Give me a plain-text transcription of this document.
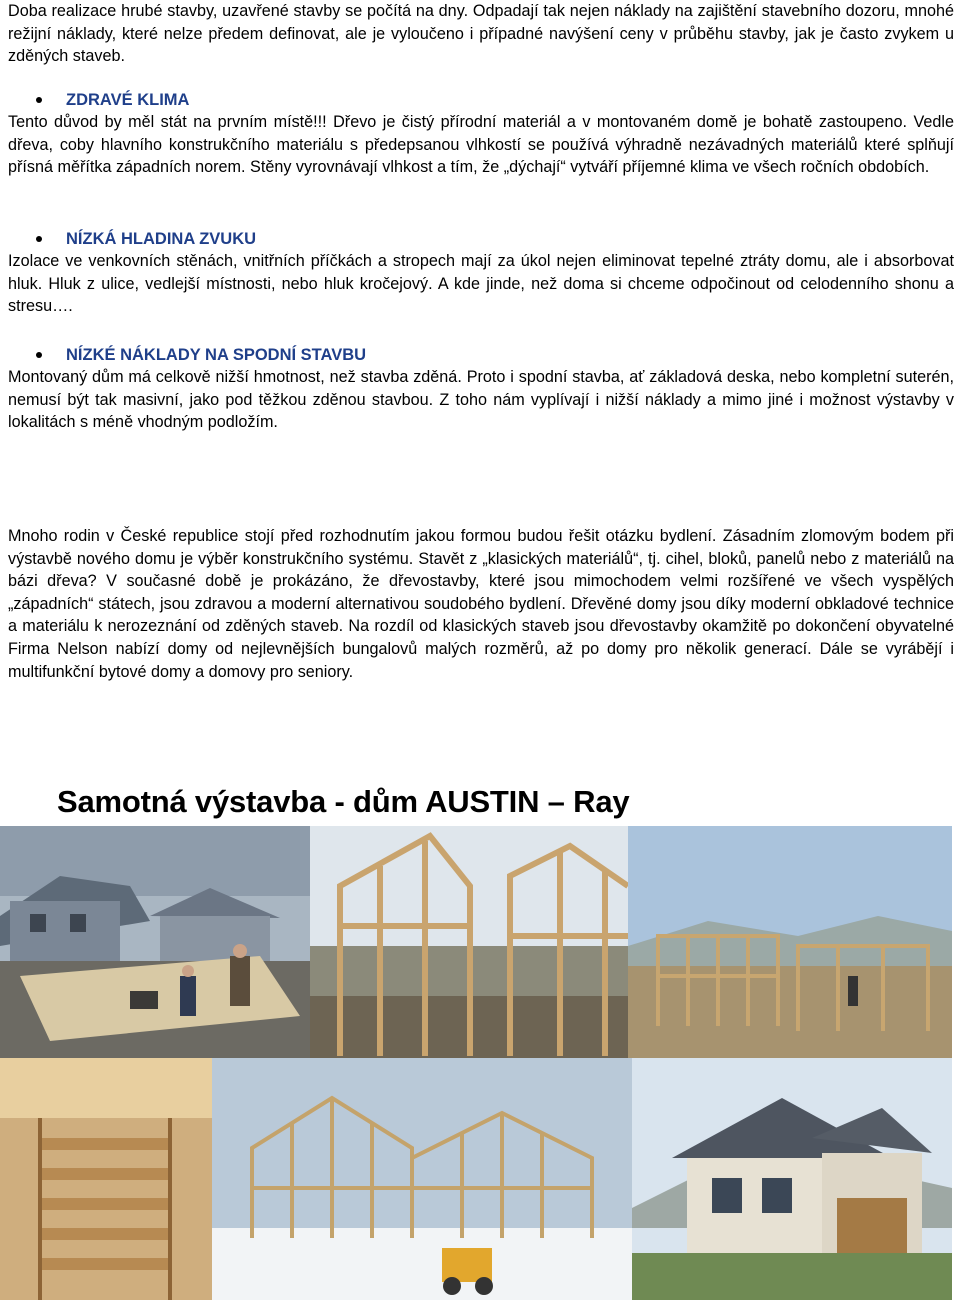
Doba realizace hrubé stavby, uzavřené stavby se počítá na dny. Odpadají tak nejen náklady na zajištění stavebního dozoru, mnohé režijní náklady, které nelze předem definovat, ale je vyloučeno i případné navýšení ceny v průběhu stavby, jak je často zvykem u zděných staveb.

ZDRAVÉ KLIMA

Tento důvod by měl stát na prvním místě!!! Dřevo je čistý přírodní materiál a v montovaném domě je bohatě zastoupeno. Vedle dřeva, coby hlavního konstrukčního materiálu s předepsanou vlhkostí se používá výhradně nezávadných materiálů které splňují přísná měřítka západních norem. Stěny vyrovnávají vlhkost a tím, že „dýchají“ vytváří příjemné klima ve všech ročních obdobích.

NÍZKÁ HLADINA ZVUKU

Izolace ve venkovních stěnách, vnitřních příčkách a stropech mají za úkol nejen eliminovat tepelné ztráty domu, ale i absorbovat hluk. Hluk z ulice, vedlejší místnosti, nebo hluk kročejový. A kde jinde, než doma si chceme odpočinout od celodenního shonu a stresu….

NÍZKÉ NÁKLADY NA SPODNÍ STAVBU

Montovaný dům má celkově nižší hmotnost, než stavba zděná. Proto i spodní stavba, ať základová deska, nebo kompletní suterén, nemusí být tak masivní, jako pod těžkou zděnou stavbou. Z toho nám vyplívají i nižší náklady a mimo jiné i možnost výstavby v lokalitách s méně vhodným podložím.

Mnoho rodin v České republice stojí před rozhodnutím jakou formou budou řešit otázku bydlení. Zásadním zlomovým bodem při výstavbě nového domu je výběr konstrukčního systému. Stavět z „klasických materiálů“, tj. cihel, bloků, panelů nebo z materiálů na bázi dřeva? V současné době je prokázáno, že dřevostavby, které jsou mimochodem velmi rozšířené ve všech vyspělých „západních“ státech, jsou zdravou a moderní alternativou soudobého bydlení. Dřevěné domy jsou díky moderní obkladové technice a materiálu k nerozeznání od zděných staveb. Na rozdíl od klasických staveb jsou dřevostavby okamžitě po dokončení obyvatelné Firma Nelson nabízí domy od nejlevnějších bungalovů malých rozměrů, až po domy pro několik generací. Dále se vyrábějí i multifunkční bytové domy a domovy pro seniory.

Samotná výstavba - dům AUSTIN – Ray
